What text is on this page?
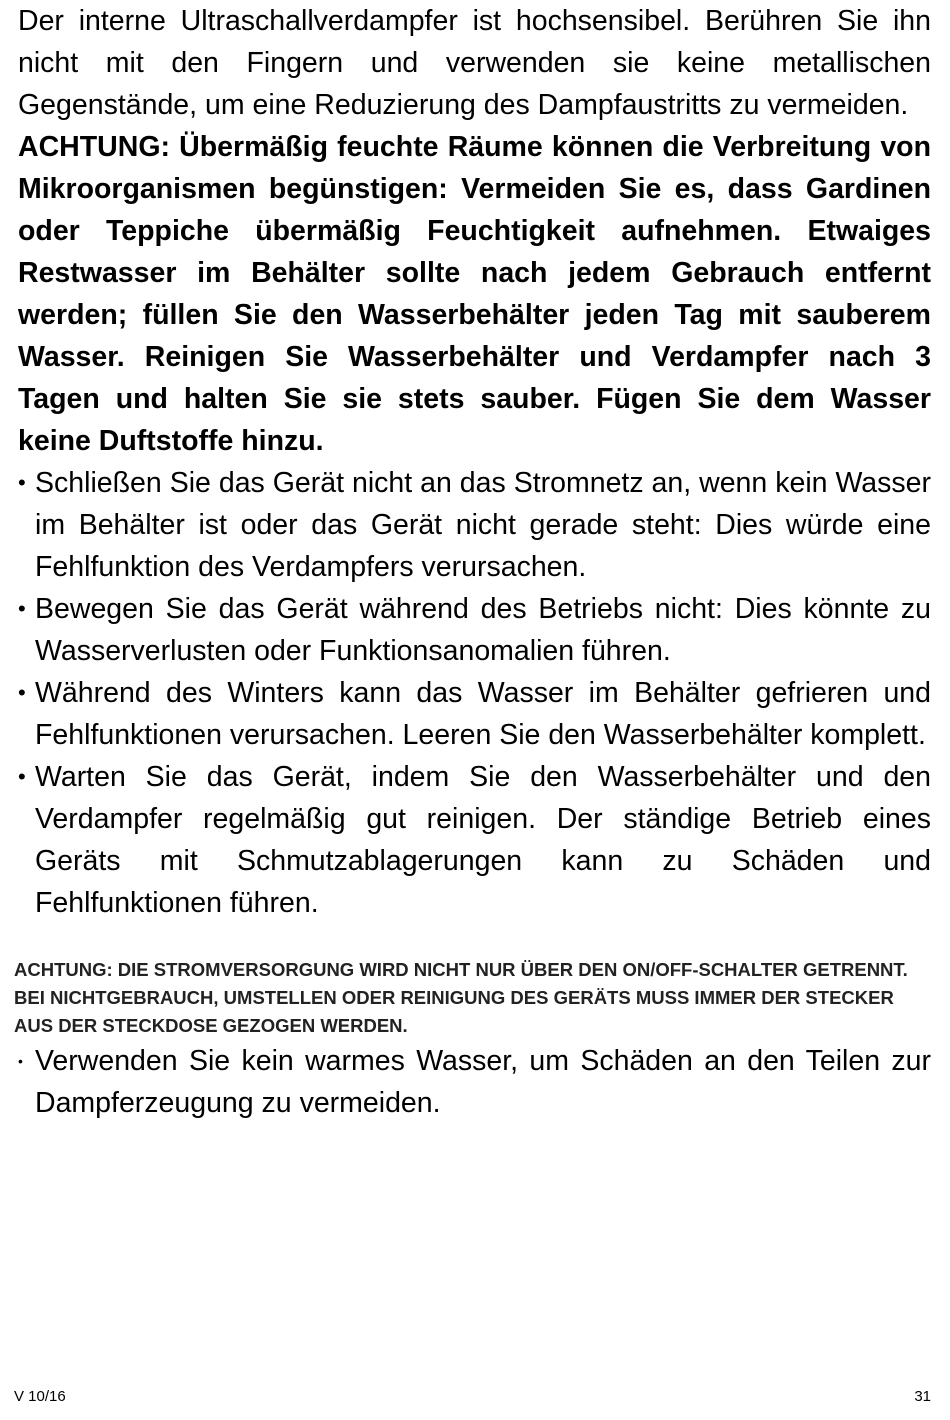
Der interne Ultraschallverdampfer ist hochsensibel. Berühren Sie ihn nicht mit den Fingern und verwenden sie keine metallischen Gegenstände, um eine Reduzierung des Dampfaustritts zu vermeiden.

ACHTUNG: Übermäßig feuchte Räume können die Verbreitung von Mikroorganismen begünstigen: Vermeiden Sie es, dass Gardinen oder Teppiche übermäßig Feuchtigkeit aufnehmen. Etwaiges Restwasser im Behälter sollte nach jedem Gebrauch entfernt werden; füllen Sie den Wasserbehälter jeden Tag mit sauberem Wasser. Reinigen Sie Wasserbehälter und Verdampfer nach 3 Tagen und halten Sie sie stets sauber. Fügen Sie dem Wasser keine Duftstoffe hinzu.

• Schließen Sie das Gerät nicht an das Stromnetz an, wenn kein Wasser im Behälter ist oder das Gerät nicht gerade steht: Dies würde eine Fehlfunktion des Verdampfers verursachen.
• Bewegen Sie das Gerät während des Betriebs nicht: Dies könnte zu Wasserverlusten oder Funktionsanomalien führen.
• Während des Winters kann das Wasser im Behälter gefrieren und Fehlfunktionen verursachen. Leeren Sie den Wasserbehälter komplett.
• Warten Sie das Gerät, indem Sie den Wasserbehälter und den Verdampfer regelmäßig gut reinigen. Der ständige Betrieb eines Geräts mit Schmutzablagerungen kann zu Schäden und Fehlfunktionen führen.

ACHTUNG: DIE STROMVERSORGUNG WIRD NICHT NUR ÜBER DEN ON/OFF-SCHALTER GETRENNT. BEI NICHTGEBRAUCH, UMSTELLEN ODER REINIGUNG DES GERÄTS MUSS IMMER DER STECKER AUS DER STECKDOSE GEZOGEN WERDEN.

• Verwenden Sie kein warmes Wasser, um Schäden an den Teilen zur Dampferzeugung zu vermeiden.
V 10/16	31
